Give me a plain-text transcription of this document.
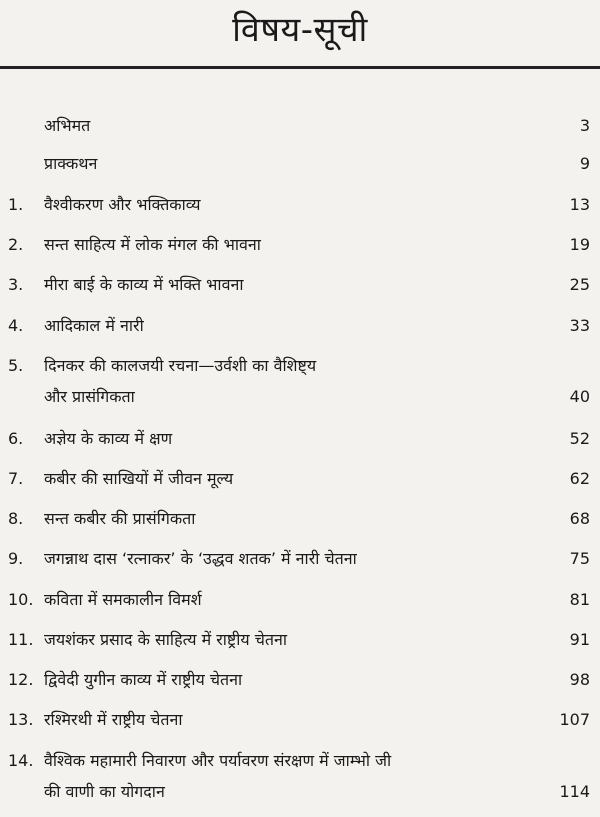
विषय-सूची
अभिमत	3
प्राक्कथन	9
1.	वैश्वीकरण और भक्तिकाव्य	13
2.	सन्त साहित्य में लोक मंगल की भावना	19
3.	मीरा बाई के काव्य में भक्ति भावना	25
4.	आदिकाल में नारी	33
5.	दिनकर की कालजयी रचना—उर्वशी का वैशिष्ट्य
और प्रासंगिकता	40
6.	अज्ञेय के काव्य में क्षण	52
7.	कबीर की साखियों में जीवन मूल्य	62
8.	सन्त कबीर की प्रासंगिकता	68
9.	जगन्नाथ दास ‘रत्नाकर’ के ‘उद्धव शतक’ में नारी चेतना	75
10. कविता में समकालीन विमर्श	81
11. जयशंकर प्रसाद के साहित्य में राष्ट्रीय चेतना	91
12. द्विवेदी युगीन काव्य में राष्ट्रीय चेतना	98
13. रश्मिरथी में राष्ट्रीय चेतना	107
14. वैश्विक महामारी निवारण और पर्यावरण संरक्षण में जाम्भो जी
की वाणी का योगदान	114
